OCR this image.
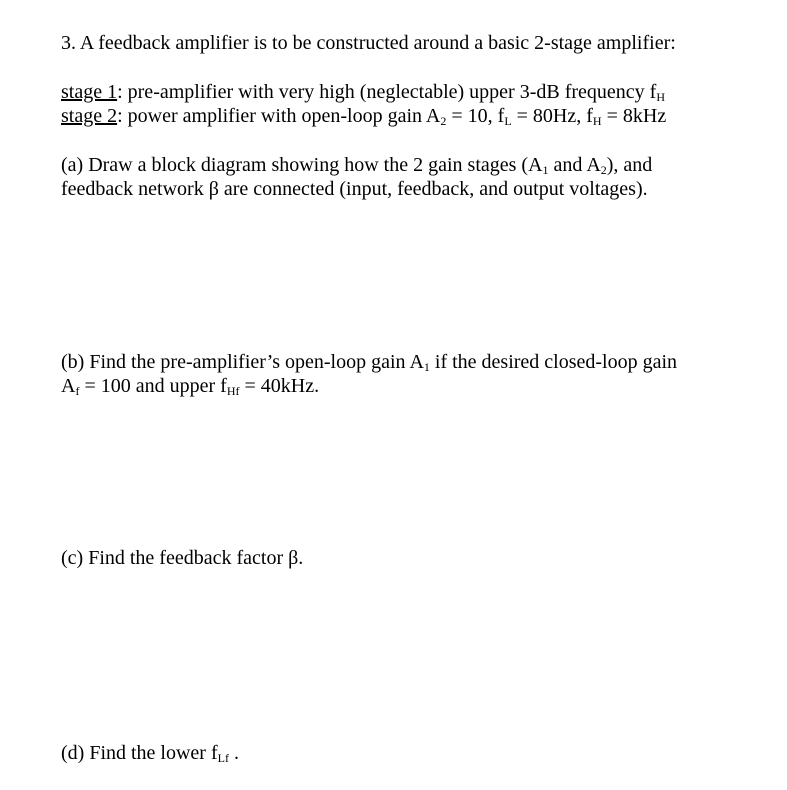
3. A feedback amplifier is to be constructed around a basic 2-stage amplifier:
stage 1: pre-amplifier with very high (neglectable) upper 3-dB frequency $f_H$
stage 2: power amplifier with open-loop gain $A_2 = 10$, $f_L = 80Hz$, $f_H = 8kHz$
(a) Draw a block diagram showing how the 2 gain stages ($A_1$ and $A_2$), and
feedback network β are connected (input, feedback, and output voltages).
(b) Find the pre-amplifier’s open-loop gain $A_1$ if the desired closed-loop gain
$A_f = 100$ and upper $f_{Hf} = 40kHz$.
(c) Find the feedback factor β.
(d) Find the lower $f_{Lf}$ .
